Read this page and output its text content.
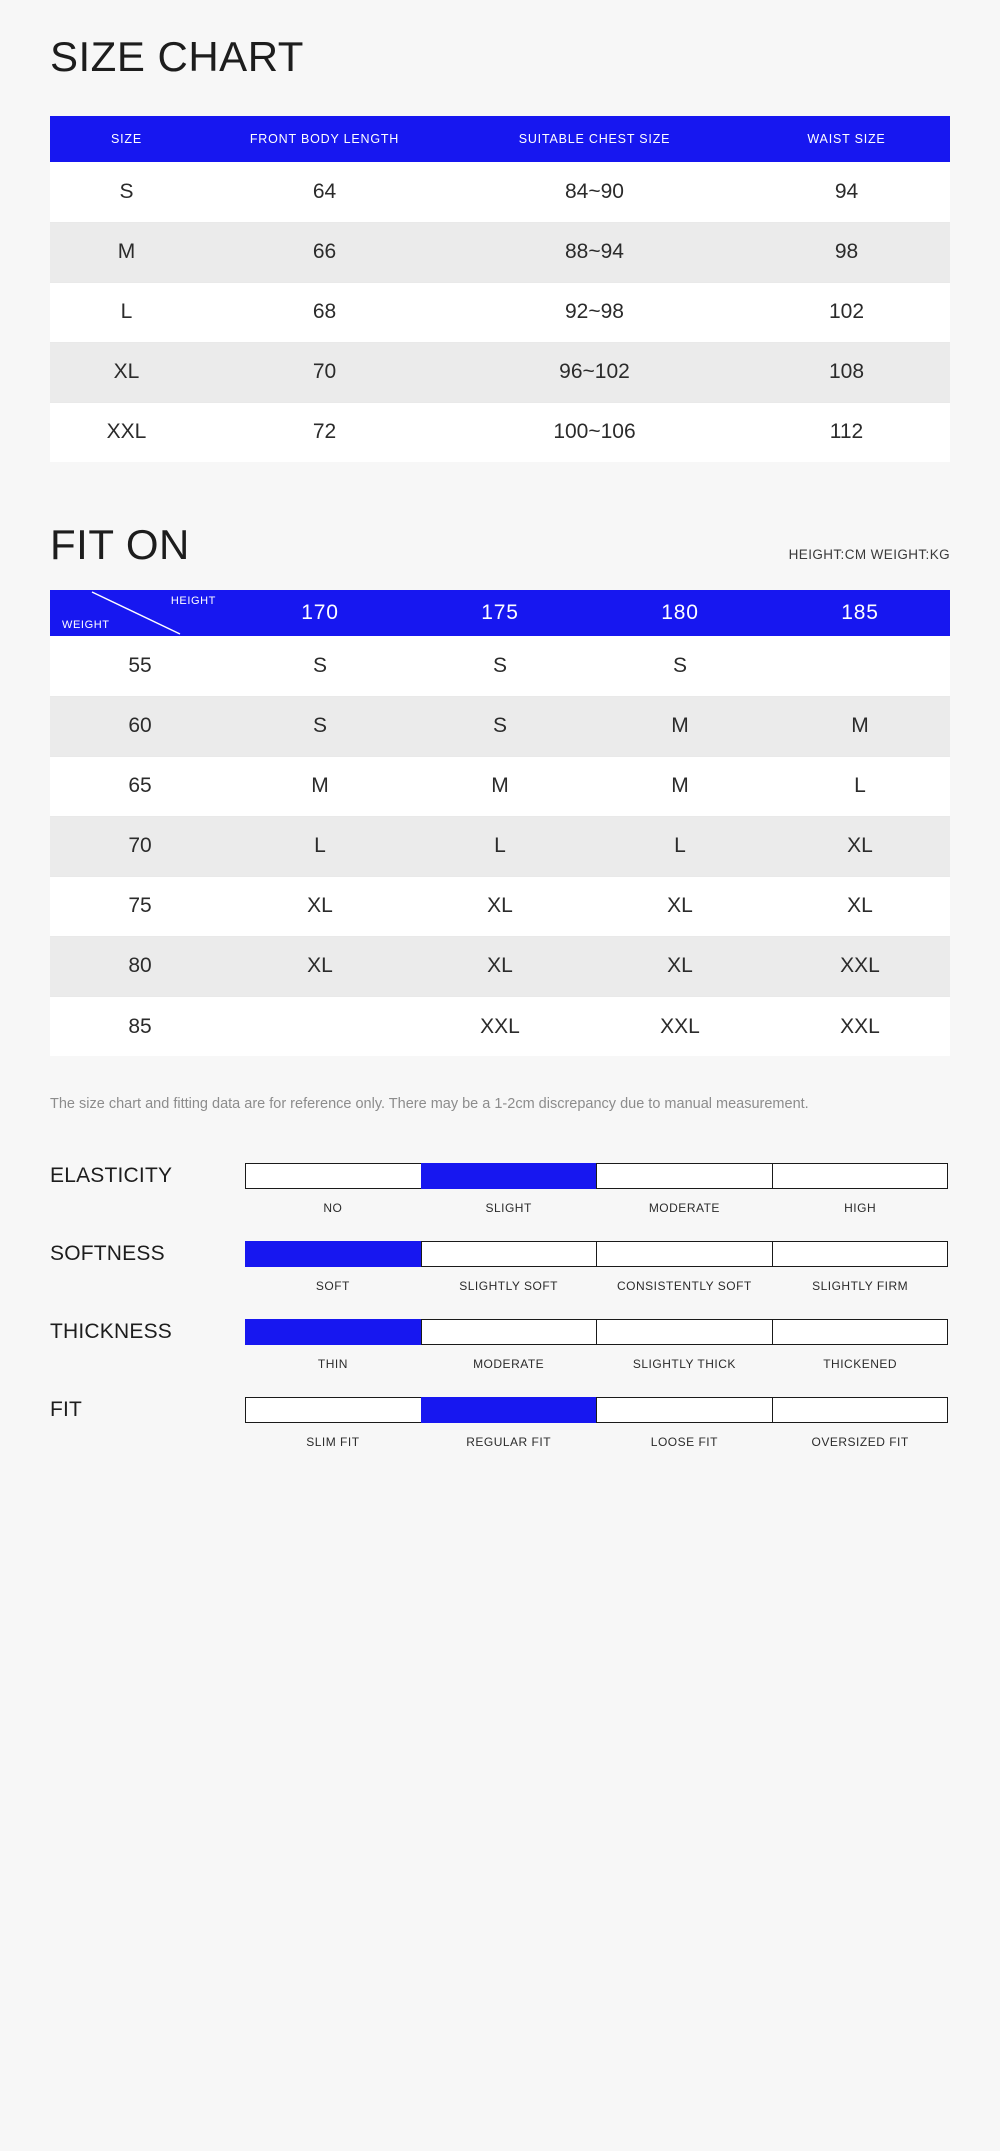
SIZE CHART
SIZE	FRONT BODY LENGTH	SUITABLE CHEST SIZE	WAIST SIZE
S	64	84~90	94
M	66	88~94	98
L	68	92~98	102
XL	70	96~102	108
XXL	72	100~106	112
FIT ON	HEIGHT:CM WEIGHT:KG
HEIGHT
WEIGHT	170	175	180	185
55	S	S	S	
60	S	S	M	M
65	M	M	M	L
70	L	L	L	XL
75	XL	XL	XL	XL
80	XL	XL	XL	XXL
85		XXL	XXL	XXL

The size chart and fitting data are for reference only. There may be a 1-2cm discrepancy due to manual measurement.

ELASTICITY
NO	SLIGHT	MODERATE	HIGH
SOFTNESS
SOFT	SLIGHTLY SOFT	CONSISTENTLY SOFT	SLIGHTLY FIRM
THICKNESS
THIN	MODERATE	SLIGHTLY THICK	THICKENED
FIT
SLIM FIT	REGULAR FIT	LOOSE FIT	OVERSIZED FIT
